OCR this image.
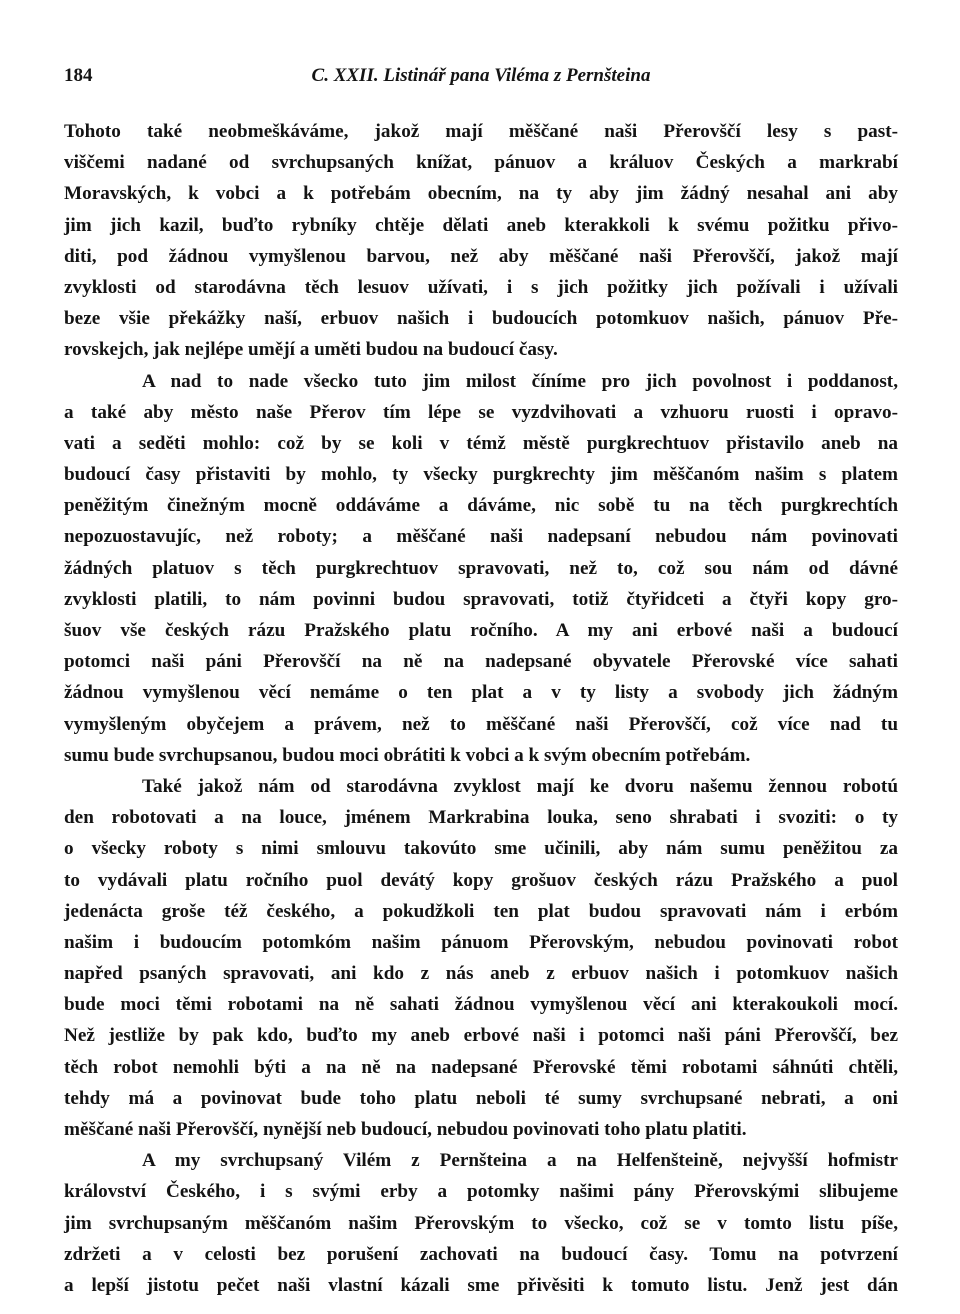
184	C. XXII. Listinář pana Viléma z Pernšteina
Tohoto také neobmeškáváme, jakož mají měščané naši Přerovščí lesy s past-
viščemi nadané od svrchupsaných knížat, pánuov a králuov Českých a markrabí
Moravských, k vobci a k potřebám obecním, na ty aby jim žádný nesahal ani aby
jim jich kazil, buďto rybníky chtěje dělati aneb kterakkoli k svému požitku přivo-
diti, pod žádnou vymyšlenou barvou, než aby měščané naši Přerovščí, jakož mají
zvyklosti od starodávna těch lesuov užívati, i s jich požitky jich požívali i užívali
beze všie překážky naší, erbuov našich i budoucích potomkuov našich, pánuov Pře-
rovskejch, jak nejlépe umějí a uměti budou na budoucí časy.
A nad to nade všecko tuto jim milost číníme pro jich povolnost i poddanost,
a také aby město naše Přerov tím lépe se vyzdvihovati a vzhuoru ruosti i opravo-
vati a seděti mohlo: což by se koli v témž městě purgkrechtuov přistavilo aneb na
budoucí časy přistaviti by mohlo, ty všecky purgkrechty jim měščanóm našim s platem
peněžitým činežným mocně oddáváme a dáváme, nic sobě tu na těch purgkrechtích
nepozuostavujíc, než roboty; a měščané naši nadepsaní nebudou nám povinovati
žádných platuov s těch purgkrechtuov spravovati, než to, což sou nám od dávné
zvyklosti platili, to nám povinni budou spravovati, totiž čtyřidceti a čtyři kopy gro-
šuov vše českých rázu Pražského platu ročního. A my ani erbové naši a budoucí
potomci naši páni Přerovščí na ně na nadepsané obyvatele Přerovské více sahati
žádnou vymyšlenou věcí nemáme o ten plat a v ty listy a svobody jich žádným
vymyšleným obyčejem a právem, než to měščané naši Přerovščí, což více nad tu
sumu bude svrchupsanou, budou moci obrátiti k vobci a k svým obecním potřebám.
Také jakož nám od starodávna zvyklost mají ke dvoru našemu žennou robotú
den robotovati a na louce, jménem Markrabina louka, seno shrabati i svoziti: o ty
o všecky roboty s nimi smlouvu takovúto sme učinili, aby nám sumu peněžitou za
to vydávali platu ročního puol devátý kopy grošuov českých rázu Pražského a puol
jedenácta groše též českého, a pokudžkoli ten plat budou spravovati nám i erbóm
našim i budoucím potomkóm našim pánuom Přerovským, nebudou povinovati robot
napřed psaných spravovati, ani kdo z nás aneb z erbuov našich i potomkuov našich
bude moci těmi robotami na ně sahati žádnou vymyšlenou věcí ani kterakoukoli mocí.
Než jestliže by pak kdo, buďto my aneb erbové naši i potomci naši páni Přerovščí, bez
těch robot nemohli býti a na ně na nadepsané Přerovské těmi robotami sáhnúti chtěli,
tehdy má a povinovat bude toho platu neboli té sumy svrchupsané nebrati, a oni
měščané naši Přerovščí, nynější neb budoucí, nebudou povinovati toho platu platiti.
A my svrchupsaný Vilém z Pernšteina a na Helfenšteině, nejvyšší hofmistr
království Českého, i s svými erby a potomky našimi pány Přerovskými slibujeme
jim svrchupsaným měščanóm našim Přerovským to všecko, což se v tomto listu píše,
zdržeti a v celosti bez porušení zachovati na budoucí časy. Tomu na potvrzení
a lepší jistotu pečet naši vlastní kázali sme přivěsiti k tomuto listu. Jenž jest dán
